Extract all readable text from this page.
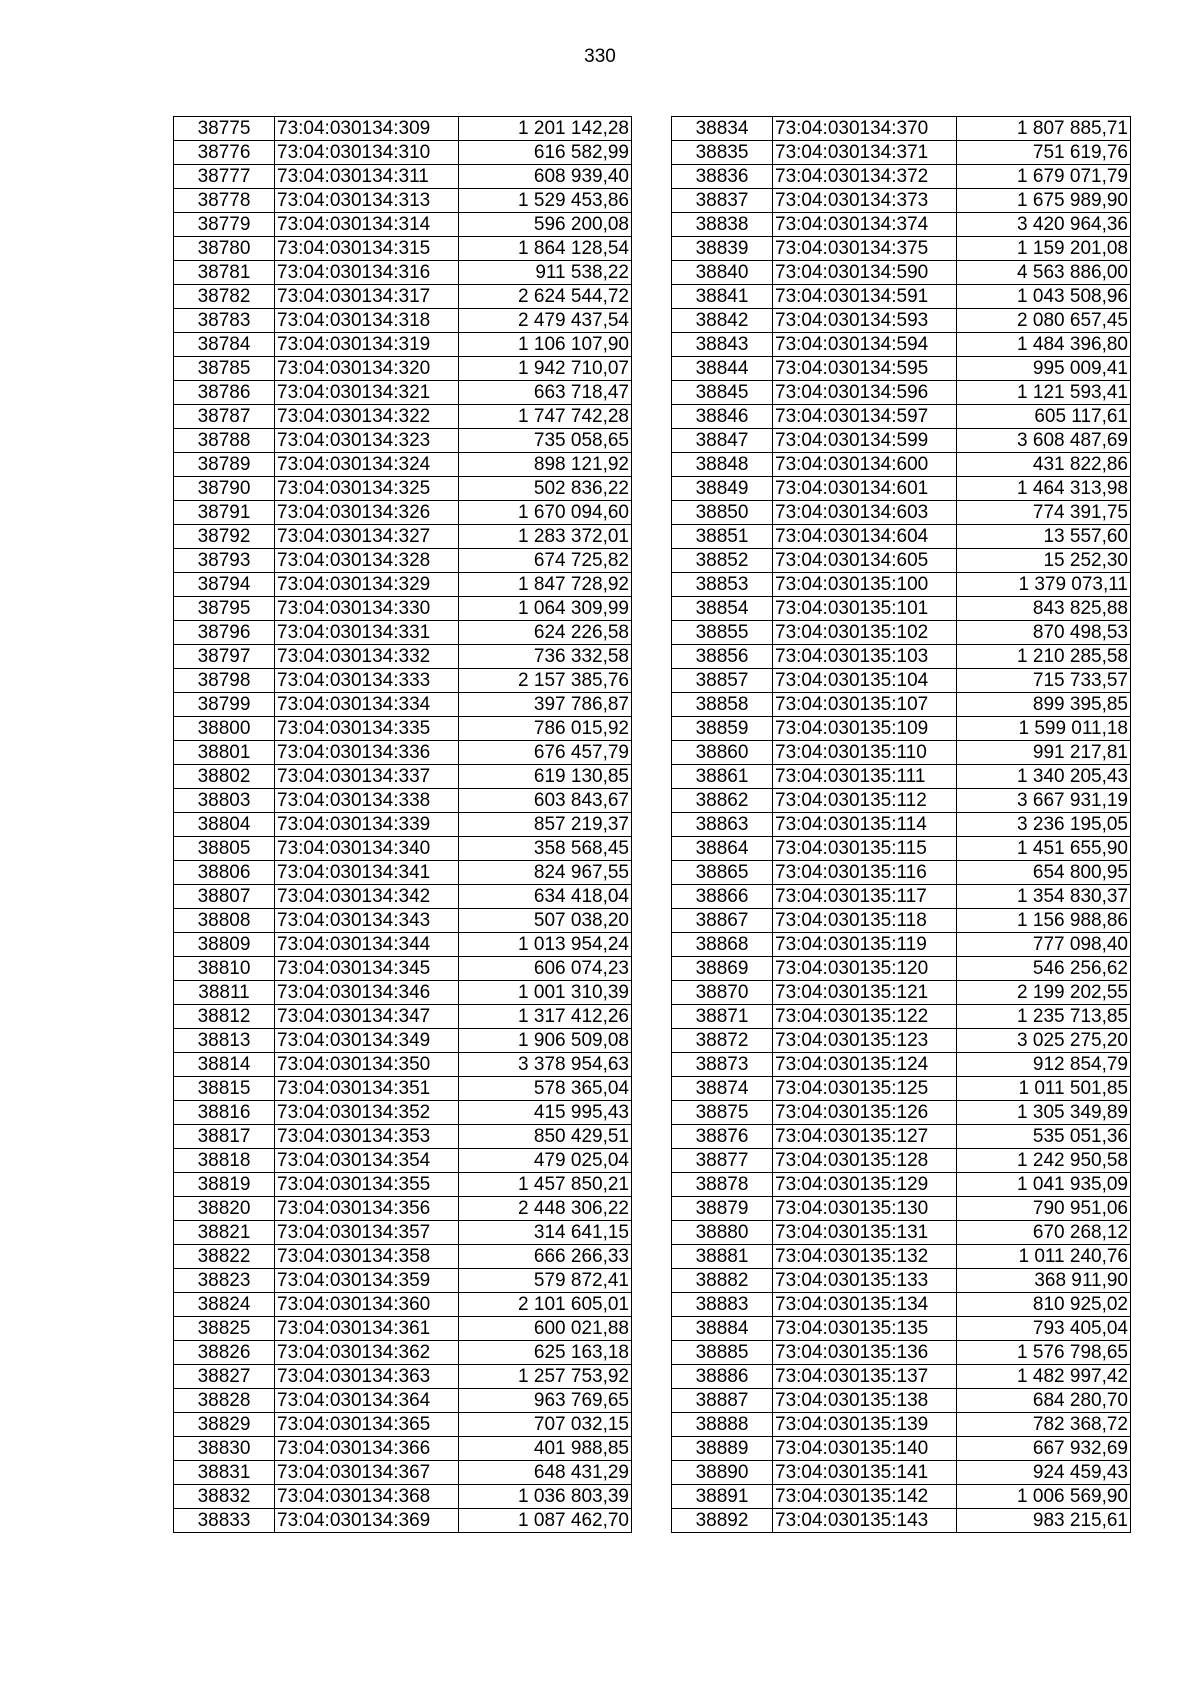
330
38775	73:04:030134:309	1 201 142,28
38776	73:04:030134:310	616 582,99
38777	73:04:030134:311	608 939,40
38778	73:04:030134:313	1 529 453,86
38779	73:04:030134:314	596 200,08
38780	73:04:030134:315	1 864 128,54
38781	73:04:030134:316	911 538,22
38782	73:04:030134:317	2 624 544,72
38783	73:04:030134:318	2 479 437,54
38784	73:04:030134:319	1 106 107,90
38785	73:04:030134:320	1 942 710,07
38786	73:04:030134:321	663 718,47
38787	73:04:030134:322	1 747 742,28
38788	73:04:030134:323	735 058,65
38789	73:04:030134:324	898 121,92
38790	73:04:030134:325	502 836,22
38791	73:04:030134:326	1 670 094,60
38792	73:04:030134:327	1 283 372,01
38793	73:04:030134:328	674 725,82
38794	73:04:030134:329	1 847 728,92
38795	73:04:030134:330	1 064 309,99
38796	73:04:030134:331	624 226,58
38797	73:04:030134:332	736 332,58
38798	73:04:030134:333	2 157 385,76
38799	73:04:030134:334	397 786,87
38800	73:04:030134:335	786 015,92
38801	73:04:030134:336	676 457,79
38802	73:04:030134:337	619 130,85
38803	73:04:030134:338	603 843,67
38804	73:04:030134:339	857 219,37
38805	73:04:030134:340	358 568,45
38806	73:04:030134:341	824 967,55
38807	73:04:030134:342	634 418,04
38808	73:04:030134:343	507 038,20
38809	73:04:030134:344	1 013 954,24
38810	73:04:030134:345	606 074,23
38811	73:04:030134:346	1 001 310,39
38812	73:04:030134:347	1 317 412,26
38813	73:04:030134:349	1 906 509,08
38814	73:04:030134:350	3 378 954,63
38815	73:04:030134:351	578 365,04
38816	73:04:030134:352	415 995,43
38817	73:04:030134:353	850 429,51
38818	73:04:030134:354	479 025,04
38819	73:04:030134:355	1 457 850,21
38820	73:04:030134:356	2 448 306,22
38821	73:04:030134:357	314 641,15
38822	73:04:030134:358	666 266,33
38823	73:04:030134:359	579 872,41
38824	73:04:030134:360	2 101 605,01
38825	73:04:030134:361	600 021,88
38826	73:04:030134:362	625 163,18
38827	73:04:030134:363	1 257 753,92
38828	73:04:030134:364	963 769,65
38829	73:04:030134:365	707 032,15
38830	73:04:030134:366	401 988,85
38831	73:04:030134:367	648 431,29
38832	73:04:030134:368	1 036 803,39
38833	73:04:030134:369	1 087 462,70
38834	73:04:030134:370	1 807 885,71
38835	73:04:030134:371	751 619,76
38836	73:04:030134:372	1 679 071,79
38837	73:04:030134:373	1 675 989,90
38838	73:04:030134:374	3 420 964,36
38839	73:04:030134:375	1 159 201,08
38840	73:04:030134:590	4 563 886,00
38841	73:04:030134:591	1 043 508,96
38842	73:04:030134:593	2 080 657,45
38843	73:04:030134:594	1 484 396,80
38844	73:04:030134:595	995 009,41
38845	73:04:030134:596	1 121 593,41
38846	73:04:030134:597	605 117,61
38847	73:04:030134:599	3 608 487,69
38848	73:04:030134:600	431 822,86
38849	73:04:030134:601	1 464 313,98
38850	73:04:030134:603	774 391,75
38851	73:04:030134:604	13 557,60
38852	73:04:030134:605	15 252,30
38853	73:04:030135:100	1 379 073,11
38854	73:04:030135:101	843 825,88
38855	73:04:030135:102	870 498,53
38856	73:04:030135:103	1 210 285,58
38857	73:04:030135:104	715 733,57
38858	73:04:030135:107	899 395,85
38859	73:04:030135:109	1 599 011,18
38860	73:04:030135:110	991 217,81
38861	73:04:030135:111	1 340 205,43
38862	73:04:030135:112	3 667 931,19
38863	73:04:030135:114	3 236 195,05
38864	73:04:030135:115	1 451 655,90
38865	73:04:030135:116	654 800,95
38866	73:04:030135:117	1 354 830,37
38867	73:04:030135:118	1 156 988,86
38868	73:04:030135:119	777 098,40
38869	73:04:030135:120	546 256,62
38870	73:04:030135:121	2 199 202,55
38871	73:04:030135:122	1 235 713,85
38872	73:04:030135:123	3 025 275,20
38873	73:04:030135:124	912 854,79
38874	73:04:030135:125	1 011 501,85
38875	73:04:030135:126	1 305 349,89
38876	73:04:030135:127	535 051,36
38877	73:04:030135:128	1 242 950,58
38878	73:04:030135:129	1 041 935,09
38879	73:04:030135:130	790 951,06
38880	73:04:030135:131	670 268,12
38881	73:04:030135:132	1 011 240,76
38882	73:04:030135:133	368 911,90
38883	73:04:030135:134	810 925,02
38884	73:04:030135:135	793 405,04
38885	73:04:030135:136	1 576 798,65
38886	73:04:030135:137	1 482 997,42
38887	73:04:030135:138	684 280,70
38888	73:04:030135:139	782 368,72
38889	73:04:030135:140	667 932,69
38890	73:04:030135:141	924 459,43
38891	73:04:030135:142	1 006 569,90
38892	73:04:030135:143	983 215,61
